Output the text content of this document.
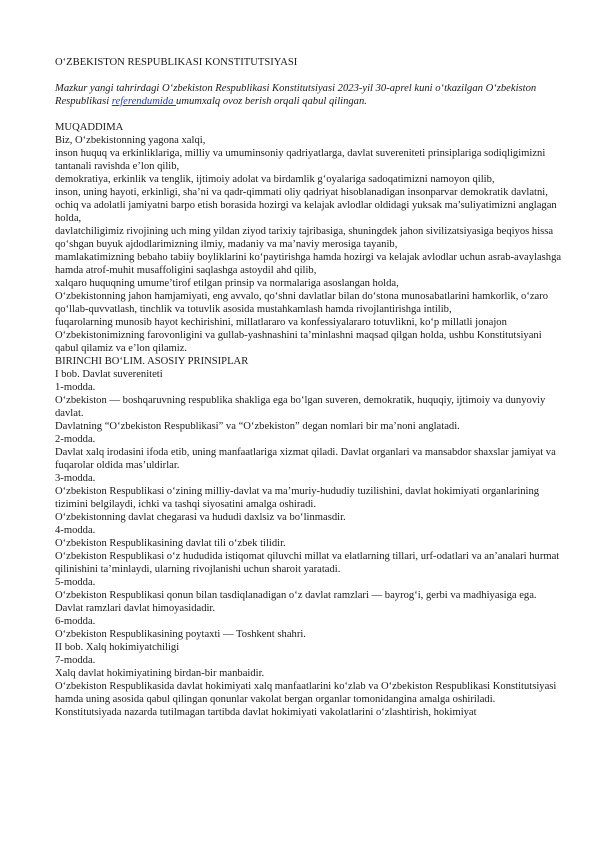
O‘ZBEKISTON RESPUBLIKASI KONSTITUTSIYASI

Mazkur yangi tahrirdagi O‘zbekiston Respublikasi Konstitutsiyasi 2023-yil 30-aprel kuni o‘tkazilgan O‘zbekiston Respublikasi referendumida umumxalq ovoz berish orqali qabul qilingan.

MUQADDIMA

Biz, O‘zbekistonning yagona xalqi,

inson huquq va erkinliklariga, milliy va umuminsoniy qadriyatlarga, davlat suvereniteti prinsiplariga sodiqligimizni tantanali ravishda e’lon qilib,

demokratiya, erkinlik va tenglik, ijtimoiy adolat va birdamlik g‘oyalariga sadoqatimizni namoyon qilib,

inson, uning hayoti, erkinligi, sha’ni va qadr-qimmati oliy qadriyat hisoblanadigan insonparvar demokratik davlatni, ochiq va adolatli jamiyatni barpo etish borasida hozirgi va kelajak avlodlar oldidagi yuksak ma’suliyatimizni anglagan holda,

davlatchiligimiz rivojining uch ming yildan ziyod tarixiy tajribasiga, shuningdek jahon sivilizatsiyasiga beqiyos hissa qo‘shgan buyuk ajdodlarimizning ilmiy, madaniy va ma’naviy merosiga tayanib,

mamlakatimizning bebaho tabiiy boyliklarini ko‘paytirishga hamda hozirgi va kelajak avlodlar uchun asrab-avaylashga hamda atrof-muhit musaffoligini saqlashga astoydil ahd qilib,

xalqaro huquqning umume’tirof etilgan prinsip va normalariga asoslangan holda,

O‘zbekistonning jahon hamjamiyati, eng avvalo, qo‘shni davlatlar bilan do‘stona munosabatlarini hamkorlik, o‘zaro qo‘llab-quvvatlash, tinchlik va totuvlik asosida mustahkamlash hamda rivojlantirishga intilib,

fuqarolarning munosib hayot kechirishini, millatlararo va konfessiyalararo totuvlikni, ko‘p millatli jonajon O‘zbekistonimizning farovonligini va gullab-yashnashini ta’minlashni maqsad qilgan holda, ushbu Konstitutsiyani qabul qilamiz va e’lon qilamiz.

BIRINCHI BO‘LIM. ASOSIY PRINSIPLAR

I bob. Davlat suvereniteti

1-modda.

O‘zbekiston — boshqaruvning respublika shakliga ega bo‘lgan suveren, demokratik, huquqiy, ijtimoiy va dunyoviy davlat.

Davlatning “O‘zbekiston Respublikasi” va “O‘zbekiston” degan nomlari bir ma’noni anglatadi.

2-modda.

Davlat xalq irodasini ifoda etib, uning manfaatlariga xizmat qiladi. Davlat organlari va mansabdor shaxslar jamiyat va fuqarolar oldida mas’uldirlar.

3-modda.

O‘zbekiston Respublikasi o‘zining milliy-davlat va ma’muriy-hududiy tuzilishini, davlat hokimiyati organlarining tizimini belgilaydi, ichki va tashqi siyosatini amalga oshiradi.

O‘zbekistonning davlat chegarasi va hududi daxlsiz va bo‘linmasdir.

4-modda.

O‘zbekiston Respublikasining davlat tili o‘zbek tilidir.

O‘zbekiston Respublikasi o‘z hududida istiqomat qiluvchi millat va elatlarning tillari, urf-odatlari va an’analari hurmat qilinishini ta’minlaydi, ularning rivojlanishi uchun sharoit yaratadi.

5-modda.

O‘zbekiston Respublikasi qonun bilan tasdiqlanadigan o‘z davlat ramzlari — bayrog‘i, gerbi va madhiyasiga ega.

Davlat ramzlari davlat himoyasidadir.

6-modda.

O‘zbekiston Respublikasining poytaxti — Toshkent shahri.

II bob. Xalq hokimiyatchiligi

7-modda.

Xalq davlat hokimiyatining birdan-bir manbaidir.

O‘zbekiston Respublikasida davlat hokimiyati xalq manfaatlarini ko‘zlab va O‘zbekiston Respublikasi Konstitutsiyasi hamda uning asosida qabul qilingan qonunlar vakolat bergan organlar tomonidangina amalga oshiriladi.

Konstitutsiyada nazarda tutilmagan tartibda davlat hokimiyati vakolatlarini o‘zlashtirish, hokimiyat
